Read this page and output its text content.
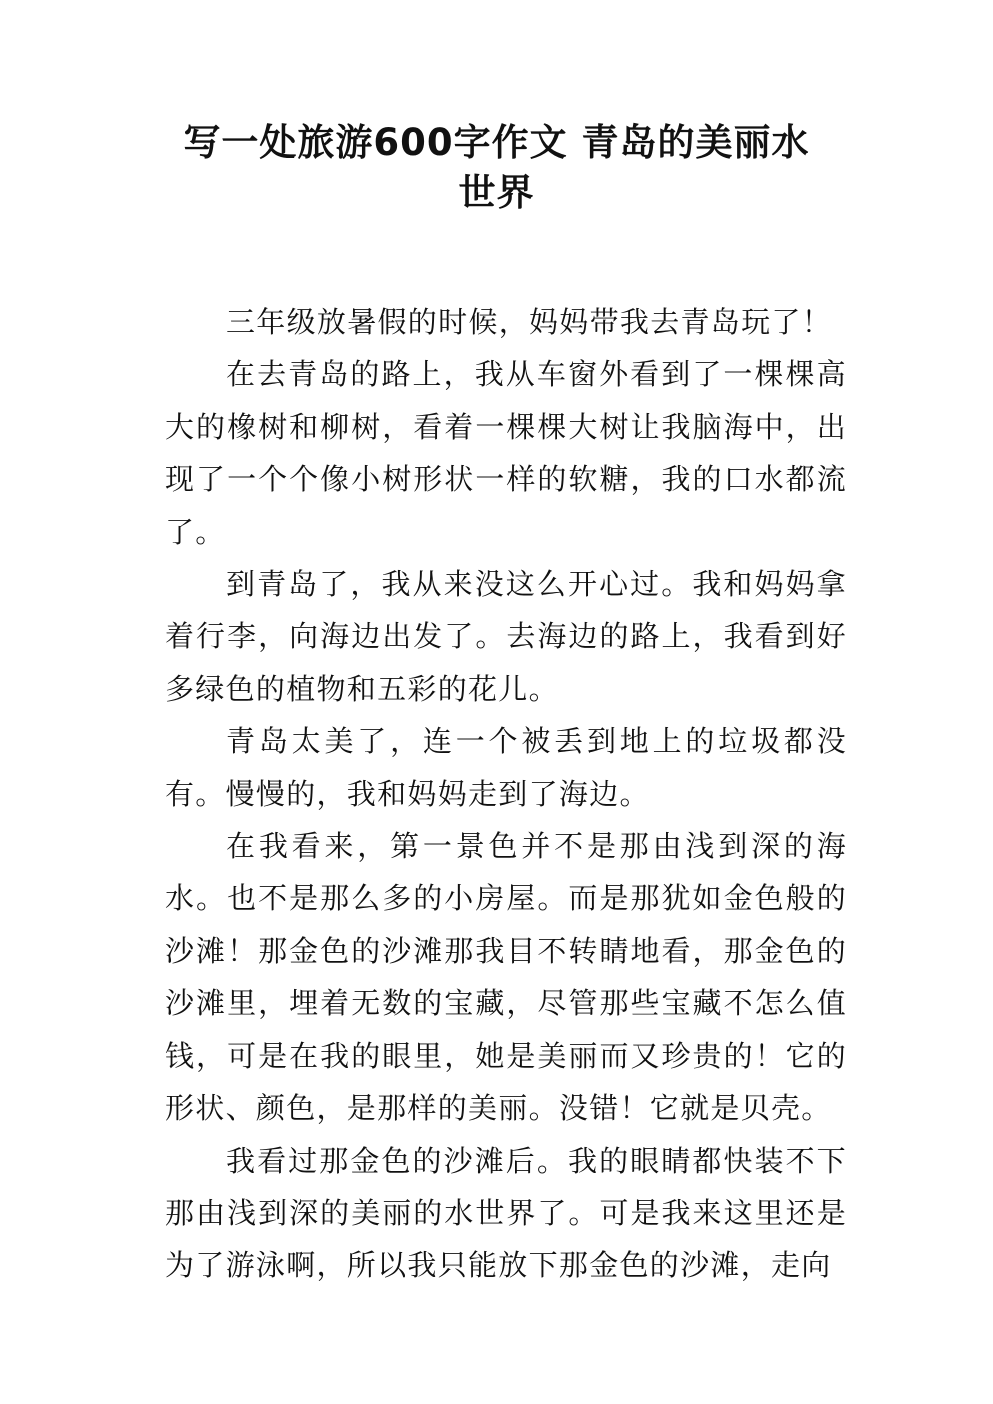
写一处旅游600字作文 青岛的美丽水
世界

三年级放暑假的时候，妈妈带我去青岛玩了！

在去青岛的路上，我从车窗外看到了一棵棵高大的橡树和柳树，看着一棵棵大树让我脑海中，出现了一个个像小树形状一样的软糖，我的口水都流了。

到青岛了，我从来没这么开心过。我和妈妈拿着行李，向海边出发了。去海边的路上，我看到好多绿色的植物和五彩的花儿。

青岛太美了，连一个被丢到地上的垃圾都没有。慢慢的，我和妈妈走到了海边。

在我看来，第一景色并不是那由浅到深的海水。也不是那么多的小房屋。而是那犹如金色般的沙滩！那金色的沙滩那我目不转睛地看，那金色的沙滩里，埋着无数的宝藏，尽管那些宝藏不怎么值钱，可是在我的眼里，她是美丽而又珍贵的！它的形状、颜色，是那样的美丽。没错！它就是贝壳。

我看过那金色的沙滩后。我的眼睛都快装不下那由浅到深的美丽的水世界了。可是我来这里还是为了游泳啊，所以我只能放下那金色的沙滩，走向
